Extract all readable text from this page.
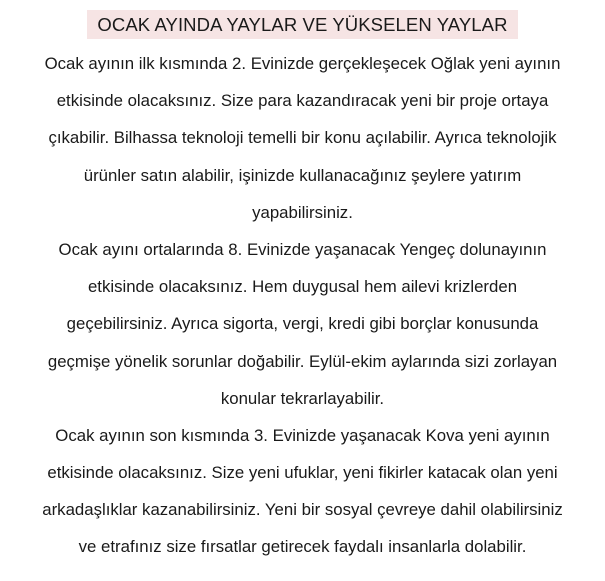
OCAK AYINDA YAYLAR VE YÜKSELEN YAYLAR
Ocak ayının ilk kısmında 2. Evinizde gerçekleşecek Oğlak yeni ayının
etkisinde olacaksınız. Size para kazandıracak yeni bir proje ortaya
çıkabilir. Bilhassa teknoloji temelli bir konu açılabilir. Ayrıca teknolojik
ürünler satın alabilir, işinizde kullanacağınız şeylere yatırım
yapabilirsiniz.
Ocak ayını ortalarında 8. Evinizde yaşanacak Yengeç dolunayının
etkisinde olacaksınız. Hem duygusal hem ailevi krizlerden
geçebilirsiniz. Ayrıca sigorta, vergi, kredi gibi borçlar konusunda
geçmişe yönelik sorunlar doğabilir. Eylül-ekim aylarında sizi zorlayan
konular tekrarlayabilir.
Ocak ayının son kısmında 3. Evinizde yaşanacak Kova yeni ayının
etkisinde olacaksınız. Size yeni ufuklar, yeni fikirler katacak olan yeni
arkadaşlıklar kazanabilirsiniz. Yeni bir sosyal çevreye dahil olabilirsiniz
ve etrafınız size fırsatlar getirecek faydalı insanlarla dolabilir.
